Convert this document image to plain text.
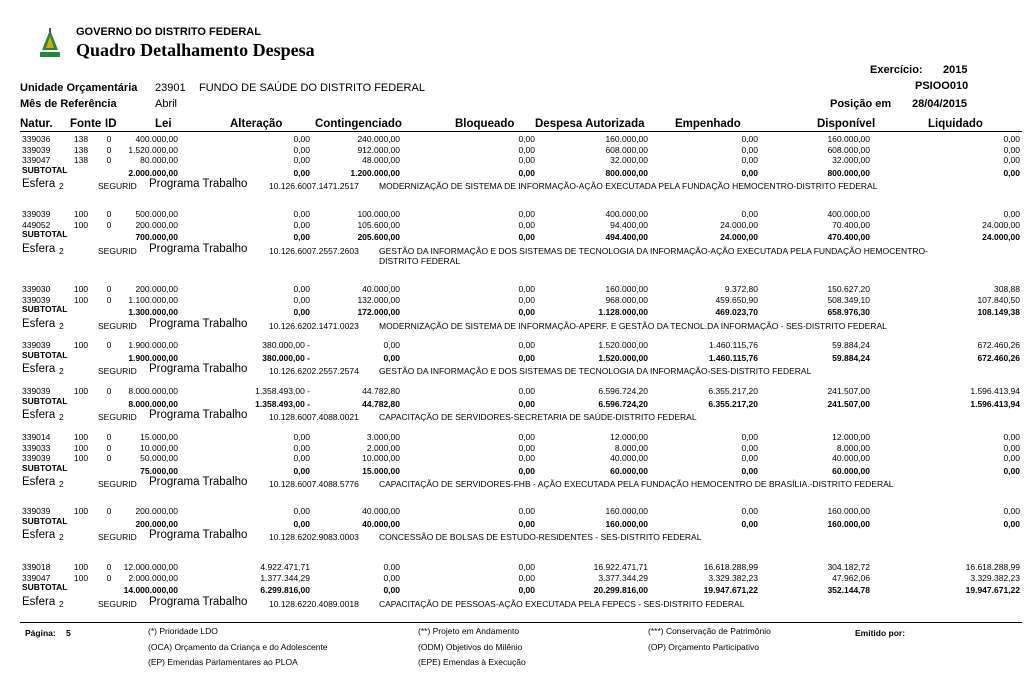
GOVERNO DO DISTRITO FEDERAL
Quadro Detalhamento Despesa
Exercício: 2015
PSIOO010
Unidade Orçamentária 23901 FUNDO DE SAÚDE DO DISTRITO FEDERAL
Mês de Referência	Abril	Posição em 28/04/2015
Natur. Fonte ID	Lei	Alteração	Contingenciado	Bloqueado Despesa Autorizada	Empenhado	Disponível	Liquidado
339036	138	0	400.000,00	0,00	240.000,00	0,00	160.000,00	0,00	160.000,00	0,00
339039	138	0	1.520.000,00	0,00	912.000,00	0,00	608.000,00	0,00	608.000,00	0,00
339047	138	0	80.000,00	0,00	48.000,00	0,00	32.000,00	0,00	32.000,00	0,00
SUBTOTAL	2.000.000,00	0,00	1.200.000,00	0,00	800.000,00	0,00	800.000,00	0,00
Esfera 2	SEGURID Programa Trabalho	10.126.6007.1471.2517 MODERNIZAÇÃO DE SISTEMA DE INFORMAÇÃO-AÇÃO EXECUTADA PELA FUNDAÇÃO HEMOCENTRO-DISTRITO FEDERAL
339039	100	0	500.000,00	0,00	100.000,00	0,00	400.000,00	0,00	400.000,00	0,00
449052	100	0	200.000,00	0,00	105.600,00	0,00	94.400,00	24.000,00	70.400,00	24.000,00
SUBTOTAL	700.000,00	0,00	205.600,00	0,00	494.400,00	24.000,00	470.400,00	24.000,00
Esfera 2	SEGURID Programa Trabalho	10.126.6007.2557.2603 GESTÃO DA INFORMAÇÃO E DOS SISTEMAS DE TECNOLOGIA DA INFORMAÇÃO-AÇÃO EXECUTADA PELA FUNDAÇÃO HEMOCENTRO-
DISTRITO FEDERAL
339030	100	0	200.000,00	0,00	40.000,00	0,00	160.000,00	9.372,80	150.627,20	308,88
339039	100	0	1.100.000,00	0,00	132.000,00	0,00	968.000,00	459.650,90	508.349,10	107.840,50
SUBTOTAL	1.300.000,00	0,00	172.000,00	0,00	1.128.000,00	469.023,70	658.976,30	108.149,38
Esfera 2	SEGURID Programa Trabalho	10.126.6202.1471.0023 MODERNIZAÇÃO DE SISTEMA DE INFORMAÇÃO-APERF. E GESTÃO DA TECNOL.DA INFORMAÇÃO - SES-DISTRITO FEDERAL
339039	100	0	1.900.000,00	380.000,00 -	0,00	0,00	1.520.000,00	1.460.115,76	59.884,24	672.460,26
SUBTOTAL	1.900.000,00	380.000,00 -	0,00	0,00	1.520.000,00	1.460.115,76	59.884,24	672.460,26
Esfera 2	SEGURID Programa Trabalho	10.126.6202.2557.2574 GESTÃO DA INFORMAÇÃO E DOS SISTEMAS DE TECNOLOGIA DA INFORMAÇÃO-SES-DISTRITO FEDERAL
339039	100	0	8.000.000,00	1.358.493,00 -	44.782,80	0,00	6.596.724,20	6.355.217,20	241.507,00	1.596.413,94
SUBTOTAL	8.000.000,00	1.358.493,00 -	44.782,80	0,00	6.596.724,20	6.355.217,20	241.507,00	1.596.413,94
Esfera 2	SEGURID Programa Trabalho	10.128.6007.4088.0021 CAPACITAÇÃO DE SERVIDORES-SECRETARIA DE SAÚDE-DISTRITO FEDERAL
339014	100	0	15.000,00	0,00	3.000,00	0,00	12.000,00	0,00	12.000,00	0,00
339033	100	0	10.000,00	0,00	2.000,00	0,00	8.000,00	0,00	8.000,00	0,00
339039	100	0	50.000,00	0,00	10.000,00	0,00	40.000,00	0,00	40.000,00	0,00
SUBTOTAL	75.000,00	0,00	15.000,00	0,00	60.000,00	0,00	60.000,00	0,00
Esfera 2	SEGURID Programa Trabalho	10.128.6007.4088.5776 CAPACITAÇÃO DE SERVIDORES-FHB - AÇÃO EXECUTADA PELA FUNDAÇÃO HEMOCENTRO DE BRASÍLIA.-DISTRITO FEDERAL
339039	100	0	200.000,00	0,00	40.000,00	0,00	160.000,00	0,00	160.000,00	0,00
SUBTOTAL	200.000,00	0,00	40.000,00	0,00	160.000,00	0,00	160.000,00	0,00
Esfera 2	SEGURID Programa Trabalho	10.128.6202.9083.0003 CONCESSÃO DE BOLSAS DE ESTUDO-RESIDENTES - SES-DISTRITO FEDERAL
339018	100	0	12.000.000,00	4.922.471,71	0,00	0,00	16.922.471,71	16.618.288,99	304.182,72	16.618.288,99
339047	100	0	2.000.000,00	1.377.344,29	0,00	0,00	3.377.344,29	3.329.382,23	47.962,06	3.329.382,23
SUBTOTAL	14.000.000,00	6.299.816,00	0,00	0,00	20.299.816,00	19.947.671,22	352.144,78	19.947.671,22
Esfera 2	SEGURID Programa Trabalho	10.128.6220.4089.0018 CAPACITAÇÃO DE PESSOAS-AÇÃO EXECUTADA PELA FEPECS - SES-DISTRITO FEDERAL
Página: 5	(*) Prioridade LDO
(OCA) Orçamento da Criança e do Adolescente
(EP) Emendas Parlamentares ao PLOA
(**) Projeto em Andamento
(ODM) Objetivos do Milênio
(EPE) Emendas à Execução
(***) Conservação de Patrimônio
(OP) Orçamento Participativo
Emitido por:
